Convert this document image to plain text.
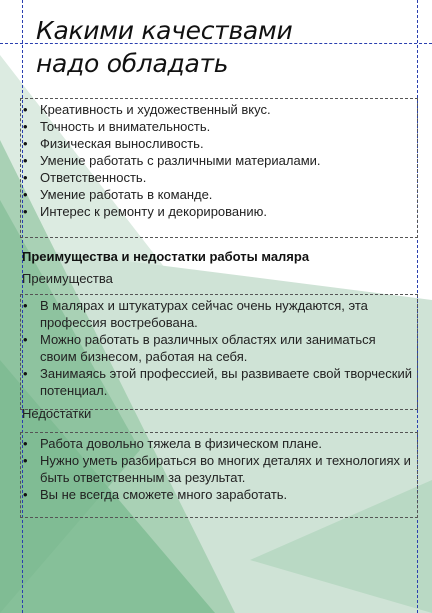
Какими качествами
надо обладать
• Креативность и художественный вкус.
• Точность и внимательность.
• Физическая выносливость.
• Умение работать с различными материалами.
• Ответственность.
• Умение работать в команде.
• Интерес к ремонту и декорированию.
Преимущества и недостатки работы маляра
Преимущества
• В малярах и штукатурах сейчас очень нуждаются, эта профессия востребована.
• Можно работать в различных областях или заниматься своим бизнесом, работая на себя.
• Занимаясь этой профессией, вы развиваете свой творческий потенциал.
Недостатки
• Работа довольно тяжела в физическом плане.
• Нужно уметь разбираться во многих деталях и технологиях и быть ответственным за результат.
• Вы не всегда сможете много заработать.
